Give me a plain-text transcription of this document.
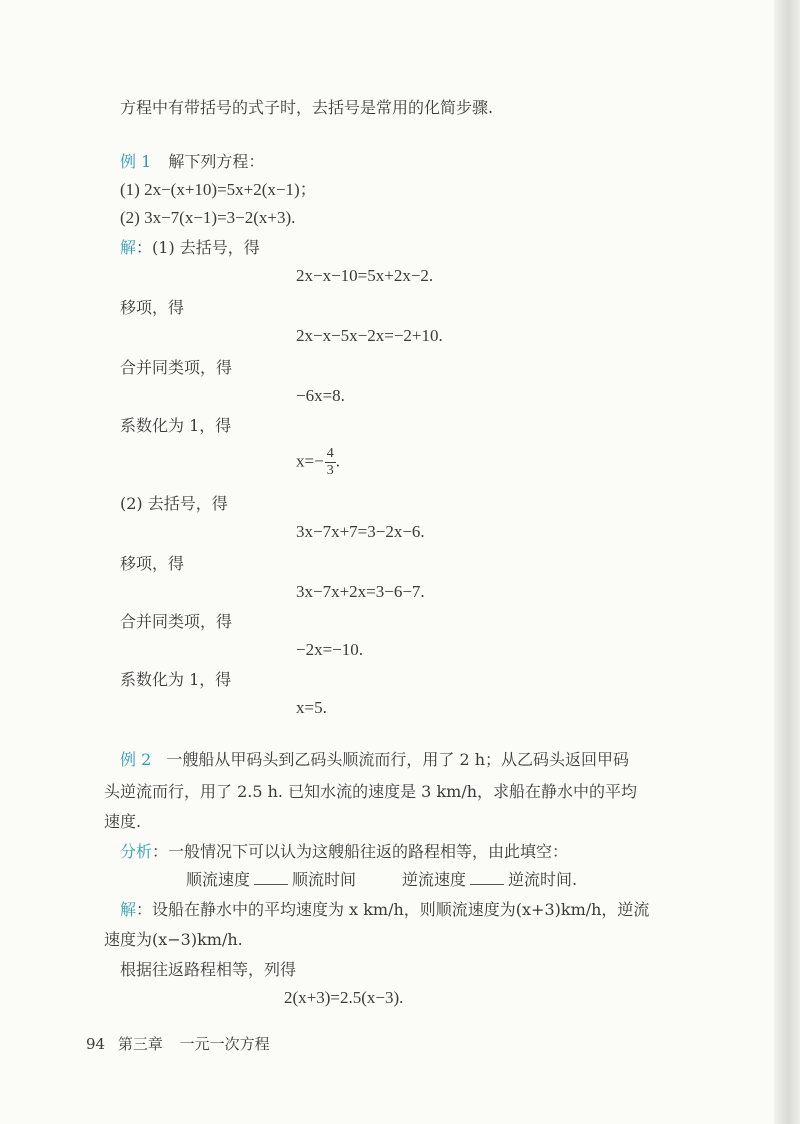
方程中有带括号的式子时，去括号是常用的化简步骤.
例 1 解下列方程：
(1) 2x−(x+10)=5x+2(x−1)；
(2) 3x−7(x−1)=3−2(x+3).
解：(1) 去括号，得
2x−x−10=5x+2x−2.
移项，得
2x−x−5x−2x=−2+10.
合并同类项，得
−6x=8.
系数化为 1，得
$x=- \frac{4}{3}$ .
(2) 去括号，得
3x−7x+7=3−2x−6.
移项，得
3x−7x+2x=3−6−7.
合并同类项，得
−2x=−10.
系数化为 1，得
x=5.
例 2 一艘船从甲码头到乙码头顺流而行，用了 2 h；从乙码头返回甲码
头逆流而行，用了 2.5 h. 已知水流的速度是 3 km/h，求船在静水中的平均
速度.
分析：一般情况下可以认为这艘船往返的路程相等，由此填空：
顺流速度	顺流时间	逆流速度	逆流时间.
解：设船在静水中的平均速度为 x km/h，则顺流速度为(x+3)km/h，逆流
速度为(x−3)km/h.
根据往返路程相等，列得
2(x+3)=2.5(x−3).
94 第三章 一元一次方程
